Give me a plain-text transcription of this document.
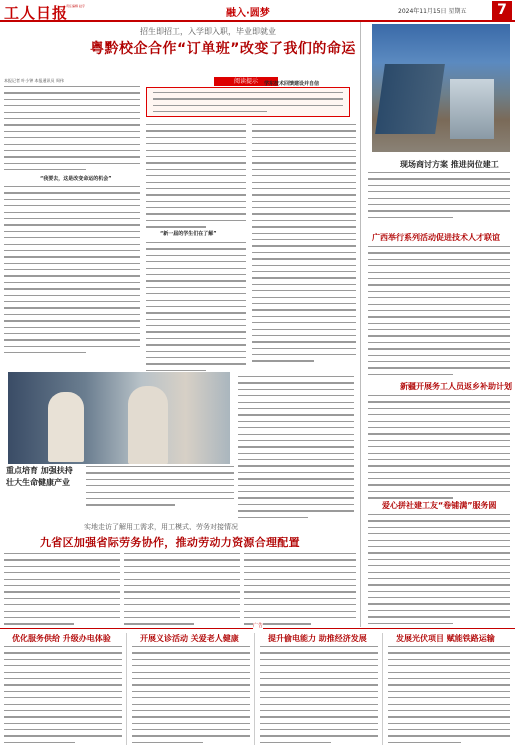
工人日报
责任编辑 赵宇
融入·圆梦	2024年11月15日 星期五	7
招生即招工，入学即入职，毕业即就业
粤黔校企合作“订单班”改变了我们的命运
本报记者 叶小钟 本报通讯员 周伟	阅读提示
“我要去，这是改变命运的机会”
“新一届的学生们在了解”
学东技术回馈建设并自信
现场商讨方案 推进岗位建工
广西举行系列活动促进技术人才联谊
新疆开展务工人员返乡补助计划
爱心拼社建工友“卷铺满”服务圆
重点培育 加强扶持 壮大生命健康产业
实地走访了解用工需求，用工模式、劳务对接情况
九省区加强省际劳务协作，推动劳动力资源合理配置
广告
优化服务供给 升级办电体验	开展义诊活动 关爱老人健康	提升偷电能力 助推经济发展	发展光伏项目 赋能铁路运输
